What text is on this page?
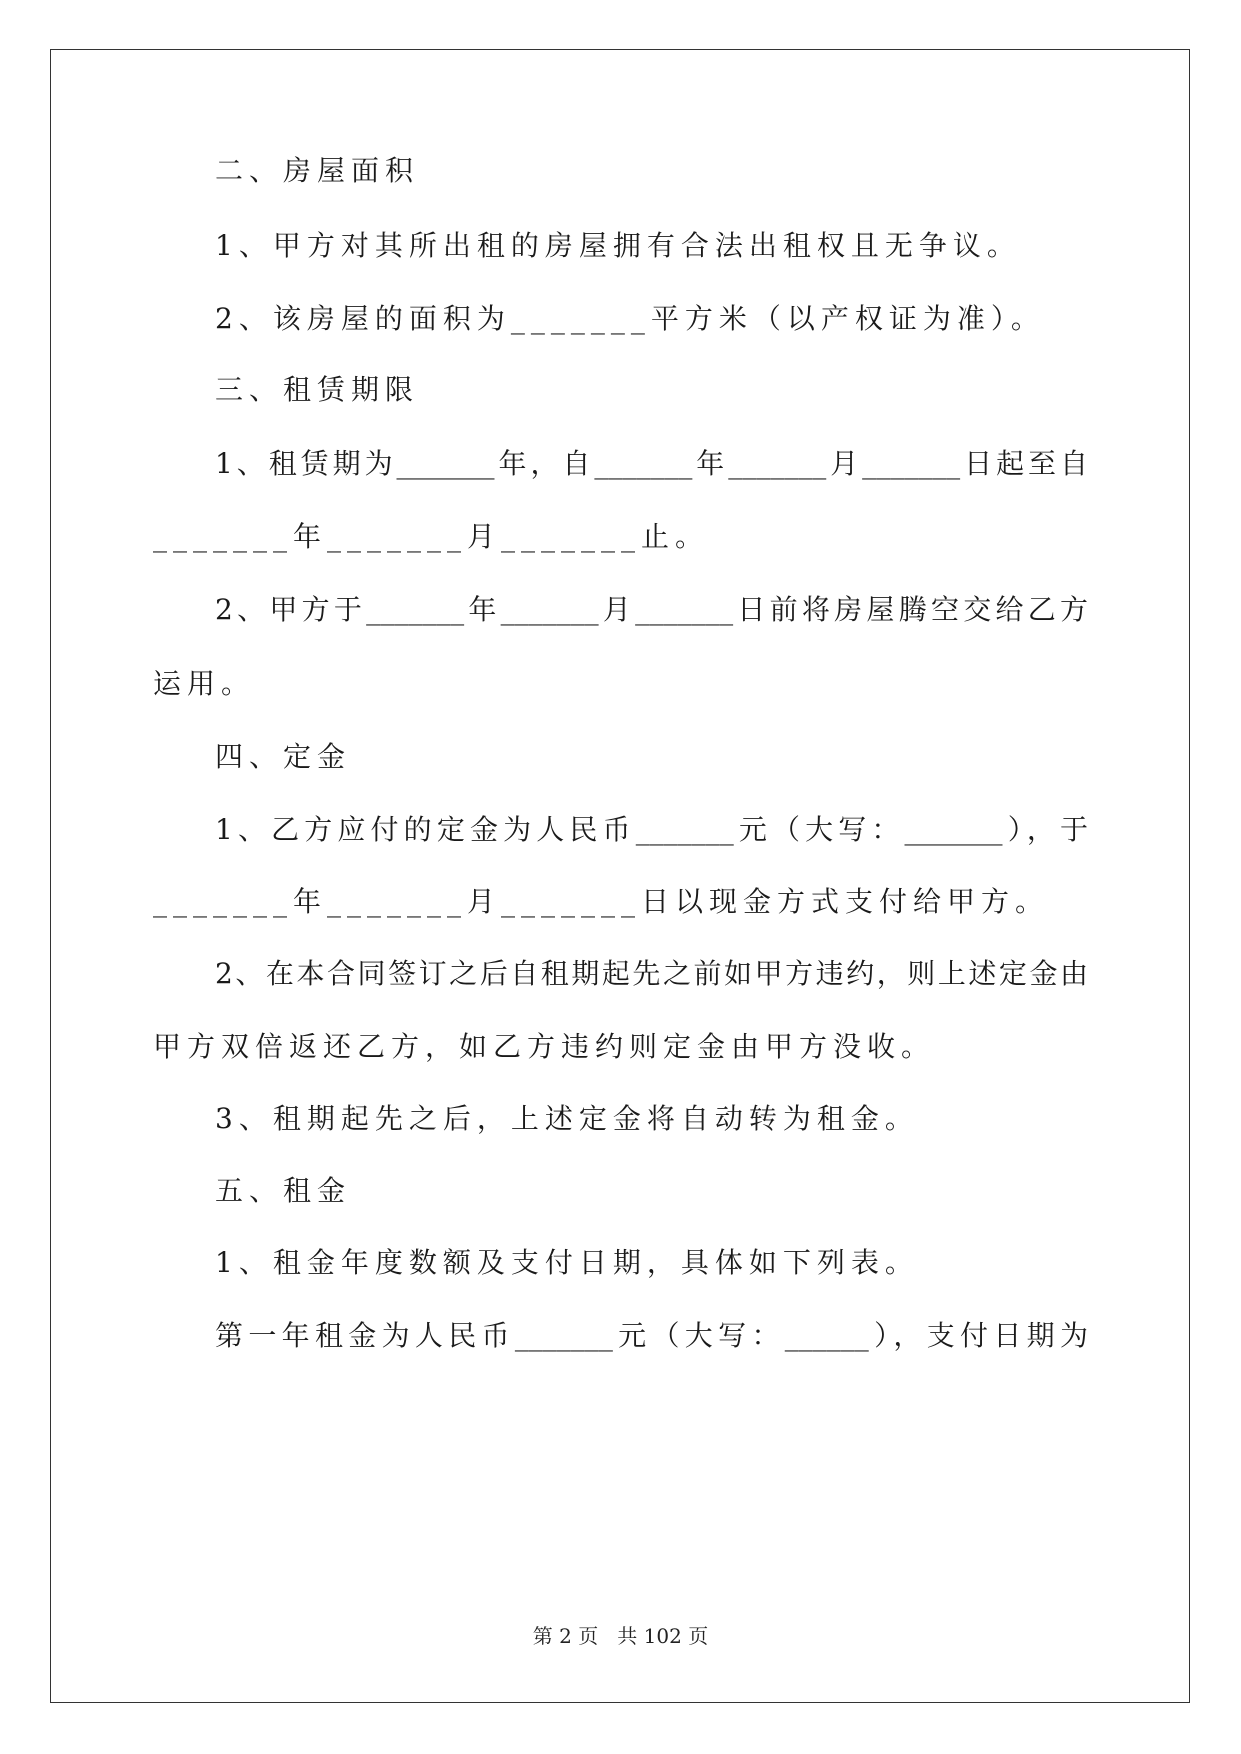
二、房屋面积
1、甲方对其所出租的房屋拥有合法出租权且无争议。
2、该房屋的面积为_______平方米（以产权证为准）。
三、租赁期限
1、租赁期为_______年，自_______年_______月_______日起至自
_______年_______月_______止。
2、甲方于_______年_______月_______日前将房屋腾空交给乙方
运用。
四、定金
1、乙方应付的定金为人民币_______元（大写：_______），于
_______年_______月_______日以现金方式支付给甲方。
2、在本合同签订之后自租期起先之前如甲方违约，则上述定金由
甲方双倍返还乙方，如乙方违约则定金由甲方没收。
3、租期起先之后，上述定金将自动转为租金。
五、租金
1、租金年度数额及支付日期，具体如下列表。
第一年租金为人民币_______元（大写：______），支付日期为
第 2 页   共 102 页
